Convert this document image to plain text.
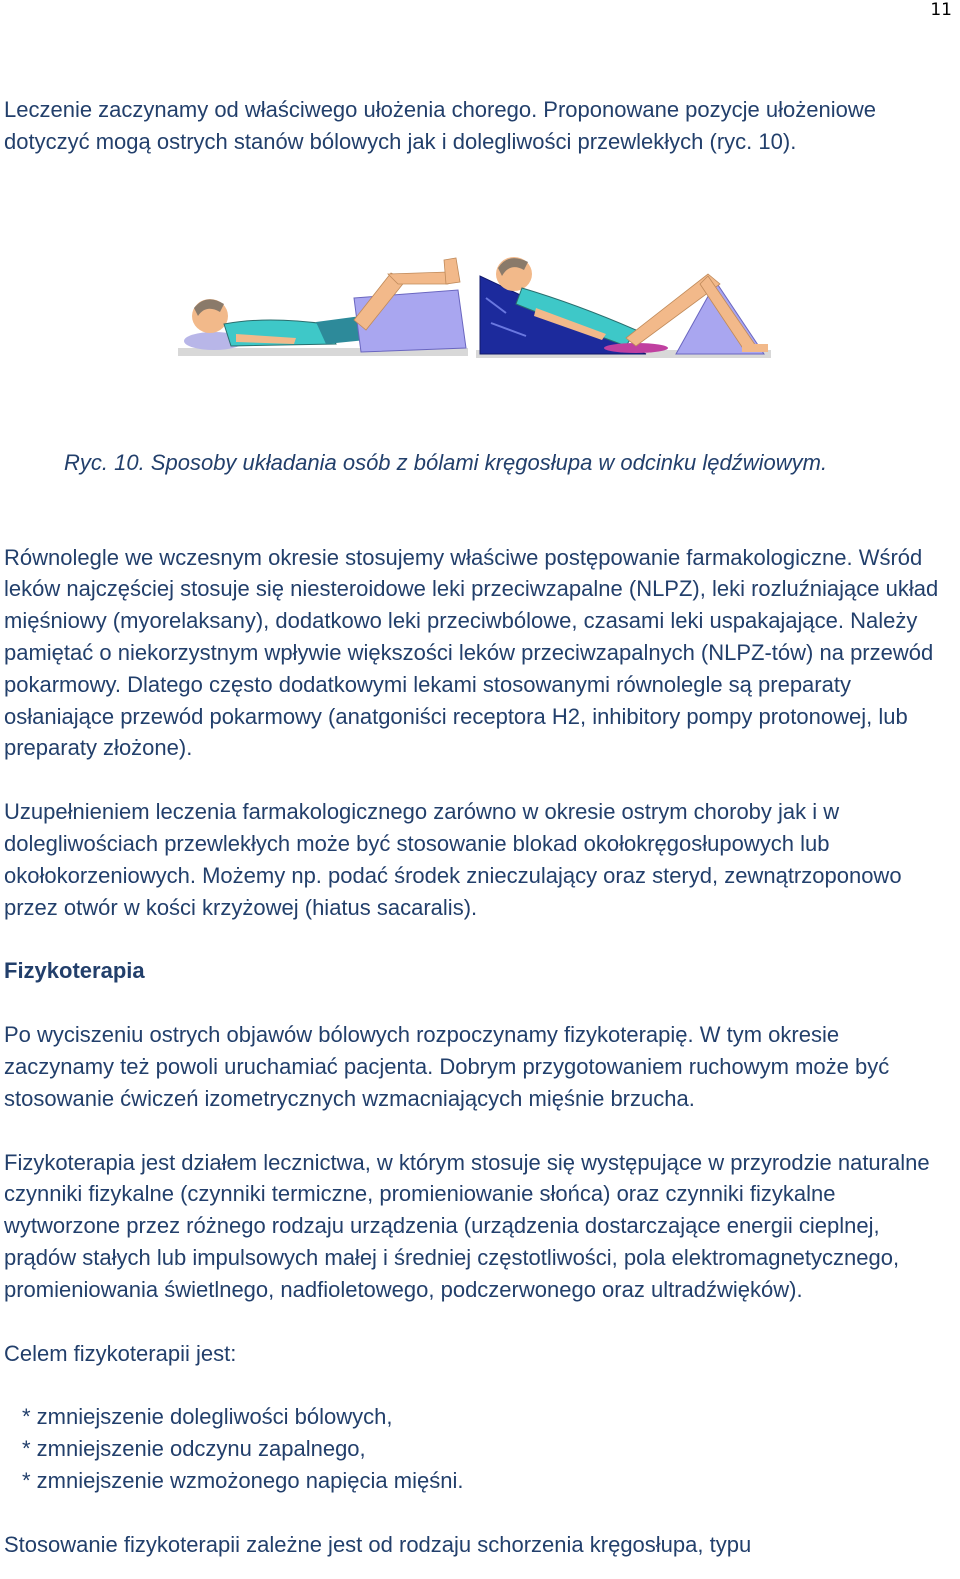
11

Leczenie zaczynamy od właściwego ułożenia chorego. Proponowane pozycje ułożeniowe dotyczyć mogą ostrych stanów bólowych jak i dolegliwości przewlekłych (ryc. 10).

Ryc. 10. Sposoby układania osób z bólami kręgosłupa w odcinku lędźwiowym.

Równolegle we wczesnym okresie stosujemy właściwe postępowanie farmakologiczne. Wśród leków najczęściej stosuje się niesteroidowe leki przeciwzapalne (NLPZ), leki rozluźniające układ mięśniowy (myorelaksany), dodatkowo leki przeciwbólowe, czasami leki uspakajające. Należy pamiętać o niekorzystnym wpływie większości leków przeciwzapalnych (NLPZ-tów) na przewód pokarmowy. Dlatego często dodatkowymi lekami stosowanymi równolegle są preparaty osłaniające przewód pokarmowy (anatgoniści receptora H2, inhibitory pompy protonowej, lub preparaty złożone).

Uzupełnieniem leczenia farmakologicznego zarówno w okresie ostrym choroby jak i w dolegliwościach przewlekłych może być stosowanie blokad okołokręgosłupowych lub okołokorzeniowych. Możemy np. podać środek znieczulający oraz steryd, zewnątrzoponowo przez otwór w kości krzyżowej (hiatus sacaralis).

Fizykoterapia

Po wyciszeniu ostrych objawów bólowych rozpoczynamy fizykoterapię. W tym okresie zaczynamy też powoli uruchamiać pacjenta. Dobrym przygotowaniem ruchowym może być stosowanie ćwiczeń izometrycznych wzmacniających mięśnie brzucha.

Fizykoterapia jest działem lecznictwa, w którym stosuje się występujące w przyrodzie naturalne czynniki fizykalne (czynniki termiczne, promieniowanie słońca) oraz czynniki fizykalne wytworzone przez różnego rodzaju urządzenia (urządzenia dostarczające energii cieplnej, prądów stałych lub impulsowych małej i średniej częstotliwości, pola elektromagnetycznego, promieniowania świetlnego, nadfioletowego, podczerwonego oraz ultradźwięków).

Celem fizykoterapii jest:

* zmniejszenie dolegliwości bólowych,
* zmniejszenie odczynu zapalnego,
* zmniejszenie wzmożonego napięcia mięśni.

Stosowanie fizykoterapii zależne jest od rodzaju schorzenia kręgosłupa, typu
